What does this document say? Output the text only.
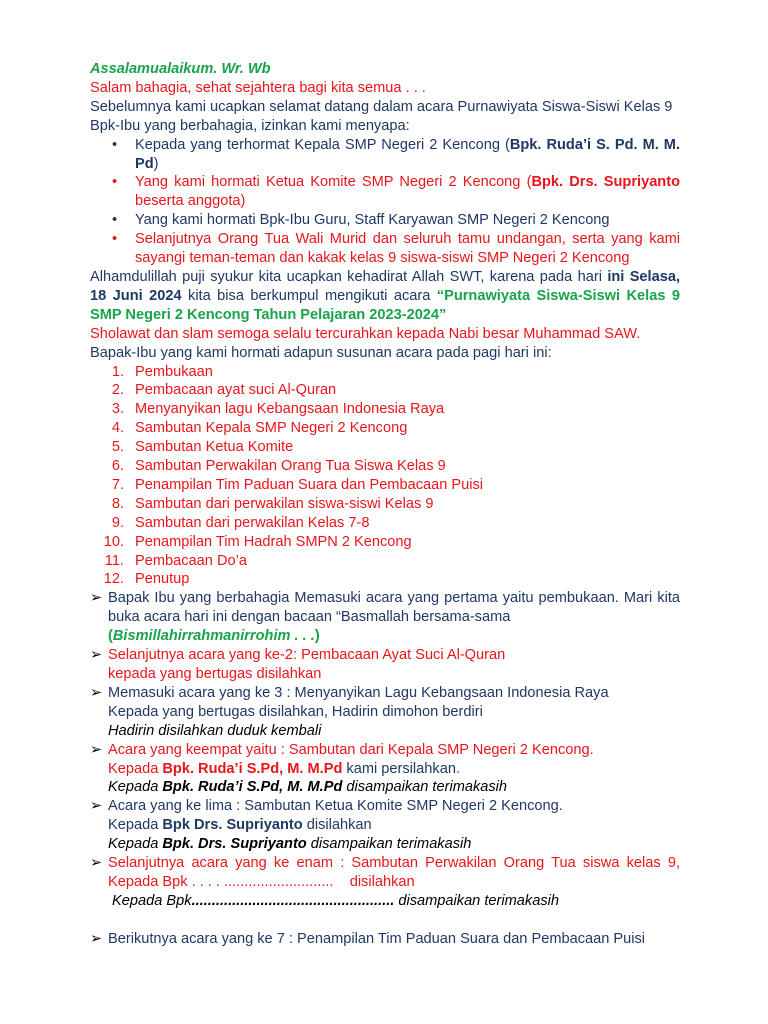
Assalamualaikum. Wr. Wb

Salam bahagia, sehat sejahtera bagi kita semua . . .

Sebelumnya kami ucapkan selamat datang dalam acara Purnawiyata Siswa-Siswi Kelas 9

Bpk-Ibu yang berbahagia, izinkan kami menyapa:

• Kepada yang terhormat Kepala SMP Negeri 2 Kencong (Bpk. Ruda’i S. Pd. M. M. Pd)
• Yang kami hormati Ketua Komite SMP Negeri 2 Kencong (Bpk. Drs. Supriyanto beserta anggota)
• Yang kami hormati Bpk-Ibu Guru, Staff Karyawan SMP Negeri 2 Kencong
• Selanjutnya Orang Tua Wali Murid dan seluruh tamu undangan, serta yang kami sayangi teman-teman dan kakak kelas 9 siswa-siswi SMP Negeri 2 Kencong

Alhamdulillah puji syukur kita ucapkan kehadirat Allah SWT, karena pada hari ini Selasa, 18 Juni 2024 kita bisa berkumpul mengikuti acara “Purnawiyata Siswa-Siswi Kelas 9 SMP Negeri 2 Kencong Tahun Pelajaran 2023-2024”

Sholawat dan slam semoga selalu tercurahkan kepada Nabi besar Muhammad SAW.

Bapak-Ibu yang kami hormati adapun susunan acara pada pagi hari ini:

1. Pembukaan
2. Pembacaan ayat suci Al-Quran
3. Menyanyikan lagu Kebangsaan Indonesia Raya
4. Sambutan Kepala SMP Negeri 2 Kencong
5. Sambutan Ketua Komite
6. Sambutan Perwakilan Orang Tua Siswa Kelas 9
7. Penampilan Tim Paduan Suara dan Pembacaan Puisi
8. Sambutan dari perwakilan siswa-siswi Kelas 9
9. Sambutan dari perwakilan Kelas 7-8
10. Penampilan Tim Hadrah SMPN 2 Kencong
11. Pembacaan Do’a
12. Penutup
➢ Bapak Ibu yang berbahagia Memasuki acara yang pertama yaitu pembukaan. Mari kita buka acara hari ini dengan bacaan “Basmallah bersama-sama
(Bismillahirrahmanirrohim . . .)
➢ Selanjutnya acara yang ke-2: Pembacaan Ayat Suci Al-Quran
kepada yang bertugas disilahkan
➢ Memasuki acara yang ke 3 : Menyanyikan Lagu Kebangsaan Indonesia Raya
Kepada yang bertugas disilahkan, Hadirin dimohon berdiri
Hadirin disilahkan duduk kembali
➢ Acara yang keempat yaitu : Sambutan dari Kepala SMP Negeri 2 Kencong.
Kepada Bpk. Ruda’i S.Pd, M. M.Pd kami persilahkan.
Kepada Bpk. Ruda’i S.Pd, M. M.Pd disampaikan terimakasih
➢ Acara yang ke lima : Sambutan Ketua Komite SMP Negeri 2 Kencong.
Kepada Bpk Drs. Supriyanto disilahkan
Kepada Bpk. Drs. Supriyanto disampaikan terimakasih
➢ Selanjutnya acara yang ke enam : Sambutan Perwakilan Orang Tua siswa kelas 9, Kepada Bpk . . . . ...........................    disilahkan
Kepada Bpk.................................................. disampaikan terimakasih
➢ Berikutnya acara yang ke 7 : Penampilan Tim Paduan Suara dan Pembacaan Puisi
